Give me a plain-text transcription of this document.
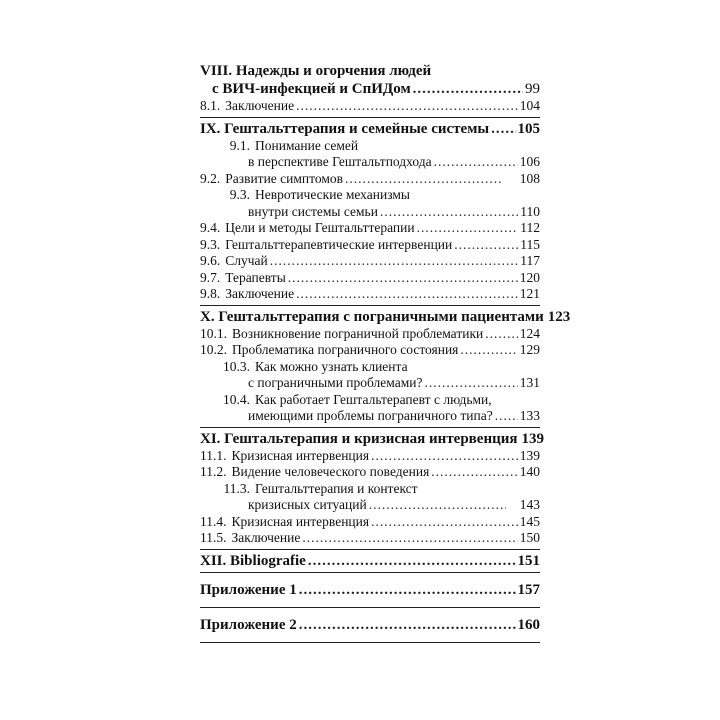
VIII. Надежды и огорчения людей
с ВИЧ-инфекцией и СпИДом .....	99
8.1. Заключение .....	104
IX. Гештальттерапия и семейные системы ..... 105
9.1. Понимание семей
в перспективе Гештальтподхода .....	106
9.2. Развитие симптомов .....	108
9.3. Невротические механизмы
внутри системы семьи .....	110
9.4. Цели и методы Гештальттерапии .....	112
9.3. Гештальттерапевтические интервенции .....	115
9.6. Случай .....	117
9.7. Терапевты .....	120
9.8. Заключение .....	121
X. Гештальттерапия с пограничными пациентами 123
10.1. Возникновение пограничной проблематики .....	124
10.2. Проблематика пограничного состояния .....	129
10.3. Как можно узнать клиента
с пограничными проблемами? .....	131
10.4. Как работает Гештальтерапевт с людьми,
имеющими проблемы пограничного типа? ..... 133
XI. Гештальтерапия и кризисная интервенция 139
11.1. Кризисная интервенция .....	139
11.2. Видение человеческого поведения .....	140
11.3. Гештальттерапия и контекст
кризисных ситуаций .....	143
11.4. Кризисная интервенция .....	145
11.5. Заключение .....	150
XII. Bibliografie .....	151
Приложение 1 .....	157
Приложение 2 .....	160
